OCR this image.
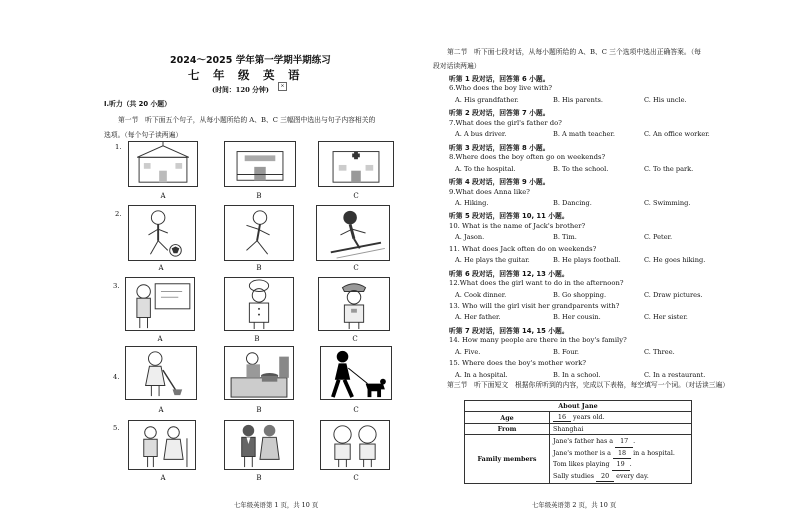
2024～2025 学年第一学期半期练习
七　年　级　英　语
(时间：120 分钟)	×
I.听力（共 20 小题）
第一节　听下面五个句子，从每小题所给的 A、B、C 三幅图中选出与句子内容相关的
选项。（每个句子读两遍）
1.
2.
3.
4.
5.
A	B	C
A	B	C
A	B	C
A	B	C
A	B	C
七年级英语第 1 页，共 10 页
第二节　听下面七段对话，从每小题所给的 A、B、C 三个选项中选出正确答案。（每
段对话读两遍）
听第 1 段对话，回答第 6 小题。
6.Who does the boy live with?
A. His grandfather.	B. His parents.	C. His uncle.
听第 2 段对话，回答第 7 小题。
7.What does the girl's father do?
A. A bus driver.	B. A math teacher.	C. An office worker.
听第 3 段对话，回答第 8 小题。
8.Where does the boy often go on weekends?
A. To the hospital.	B. To the school.	C. To the park.
听第 4 段对话，回答第 9 小题。
9.What does Anna like?
A. Hiking.	B. Dancing.	C. Swimming.
听第 5 段对话，回答第 10, 11 小题。
10. What is the name of Jack's brother?
A. Jason.	B. Tim.	C. Peter.
11. What does Jack often do on weekends?
A. He plays the guitar.	B. He plays football.	C. He goes hiking.
听第 6 段对话，回答第 12, 13 小题。
12.What does the girl want to do in the afternoon?
A. Cook dinner.	B. Go shopping.	C. Draw pictures.
13. Who will the girl visit her grandparents with?
A. Her father.	B. Her cousin.	C. Her sister.
听第 7 段对话，回答第 14, 15 小题。
14. How many people are there in the boy's family?
A. Five.	B. Four.	C. Three.
15. Where does the boy's mother work?
A. In a hospital.	B. In a school.	C. In a restaurant.
第三节　听下面短文　根据你所听到的内容，完成以下表格，每空填写一个词。（对话读三遍）
About Jane	
Age	16 years old.
From	Shanghai
Family members	Jane's father has a 17 .
Jane's mother is a 18 in a hospital.
Tom likes playing 19 .
Sally studies 20 every day.
七年级英语第 2 页，共 10 页
